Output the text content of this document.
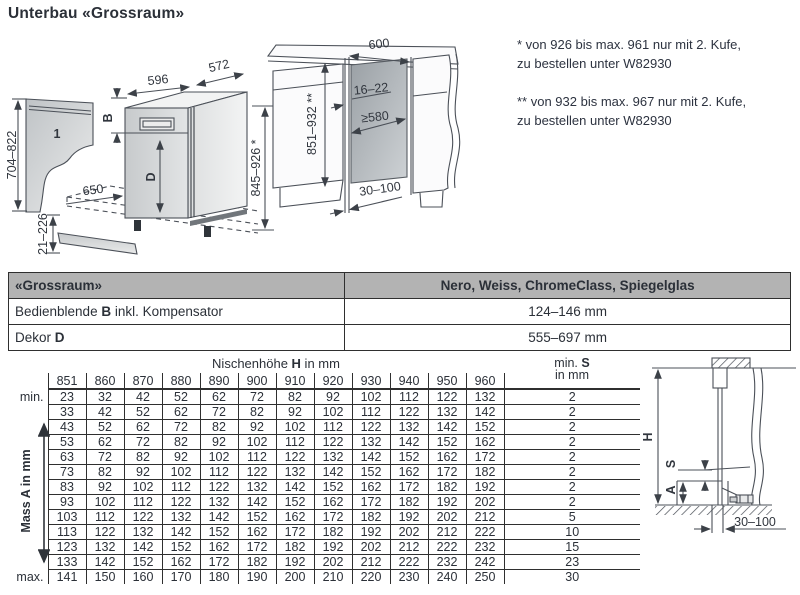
Unterbau «Grossraum»
1
704–822
21–226
650
596
572
B
D	845–926 *
600
16–22
≥580
851–932 **
30–100
* von 926 bis max. 961 nur mit 2. Kufe,
zu bestellen unter W82930
** von 932 bis max. 967 nur mit 2. Kufe,
zu bestellen unter W82930
«Grossraum»	Nero, Weiss, ChromeClass, Spiegelglas
Bedienblende B inkl. Kompensator	124–146 mm
Dekor D	555–697 mm
Nischenhöhe H in mm	min. S
in mm
	851	860	870	880	890	900	910	920	930	940	950	960	
min.	23	32	42	52	62	72	82	92	102	112	122	132	2
	33	42	52	62	72	82	92	102	112	122	132	142	2
	43	52	62	72	82	92	102	112	122	132	142	152	2
	53	62	72	82	92	102	112	122	132	142	152	162	2
	63	72	82	92	102	112	122	132	142	152	162	172	2
	73	82	92	102	112	122	132	142	152	162	172	182	2
	83	92	102	112	122	132	142	152	162	172	182	192	2
	93	102	112	122	132	142	152	162	172	182	192	202	2
	103	112	122	132	142	152	162	172	182	192	202	212	5
	113	122	132	142	152	162	172	182	192	202	212	222	10
	123	132	142	152	162	172	182	192	202	212	222	232	15
	133	142	152	162	172	182	192	202	212	222	232	242	23
max.	141	150	160	170	180	190	200	210	220	230	240	250	30
Mass A in mm
H
S
A
30–100
